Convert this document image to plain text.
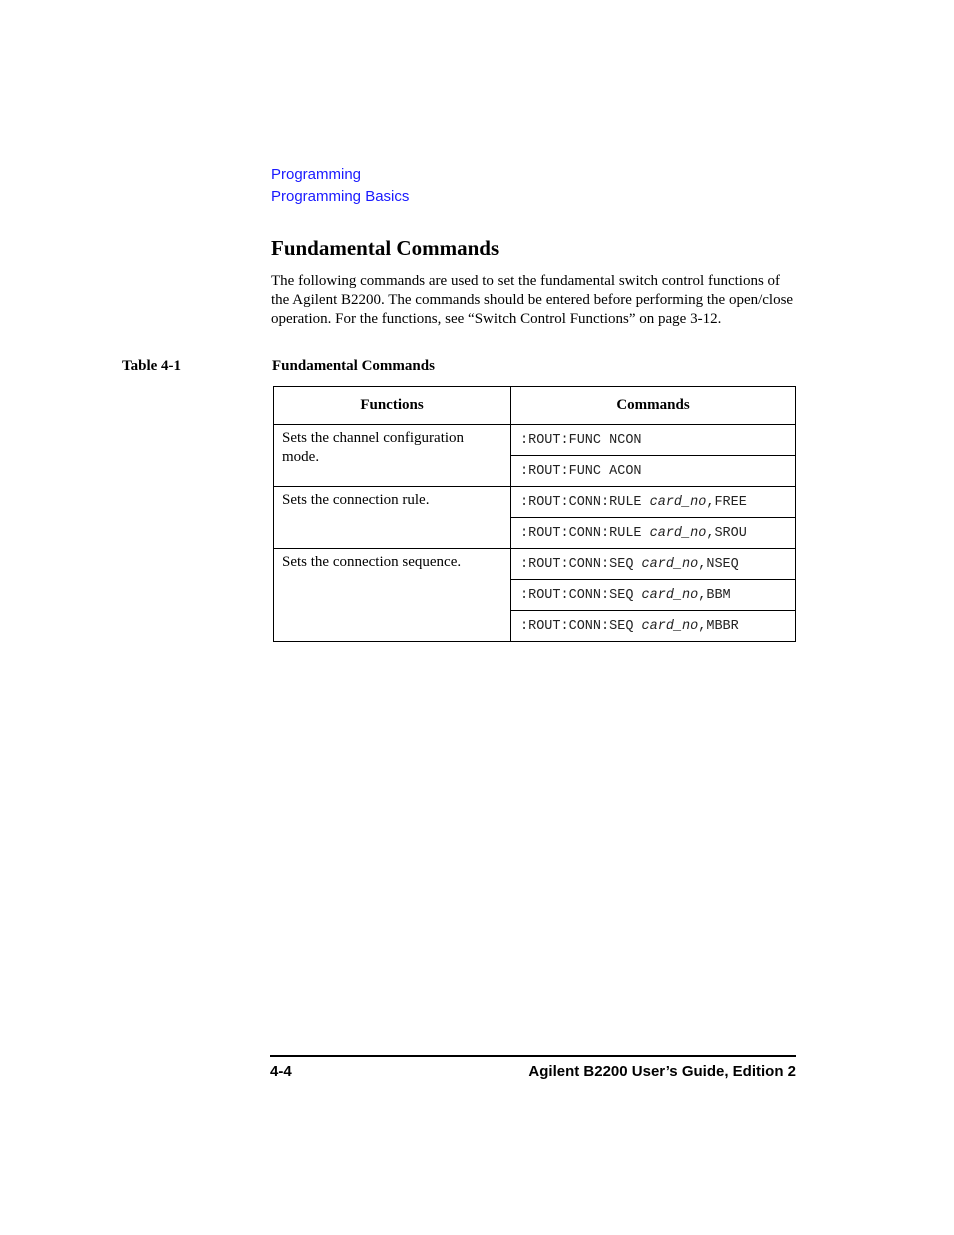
Programming
Programming Basics
Fundamental Commands

The following commands are used to set the fundamental switch control functions of the Agilent B2200. The commands should be entered before performing the open/close operation. For the functions, see “Switch Control Functions” on page 3-12.

Table 4-1	Fundamental Commands
Functions	Commands
Sets the channel configuration mode.	:ROUT:FUNC NCON
	:ROUT:FUNC ACON
Sets the connection rule.	:ROUT:CONN:RULE card_no,FREE
	:ROUT:CONN:RULE card_no,SROU
Sets the connection sequence.	:ROUT:CONN:SEQ card_no,NSEQ
	:ROUT:CONN:SEQ card_no,BBM
	:ROUT:CONN:SEQ card_no,MBBR
4-4	Agilent B2200 User’s Guide, Edition 2
